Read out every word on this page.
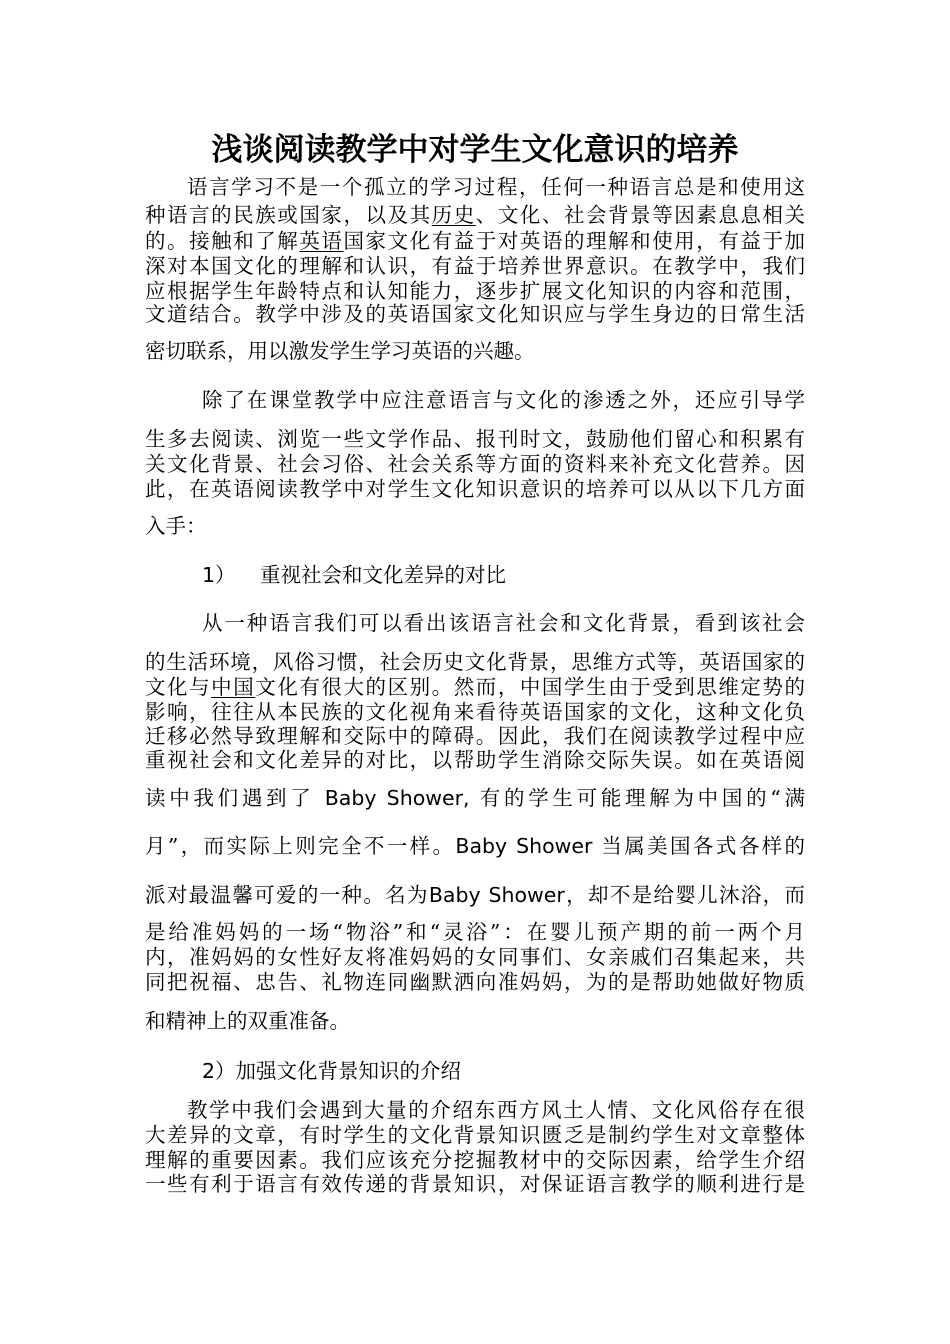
浅谈阅读教学中对学生文化意识的培养
语言学习不是一个孤立的学习过程，任何一种语言总是和使用这
种语言的民族或国家，以及其历史、文化、社会背景等因素息息相关
的。接触和了解英语国家文化有益于对英语的理解和使用，有益于加
深对本国文化的理解和认识，有益于培养世界意识。在教学中，我们
应根据学生年龄特点和认知能力，逐步扩展文化知识的内容和范围，
文道结合。教学中涉及的英语国家文化知识应与学生身边的日常生活
密切联系，用以激发学生学习英语的兴趣。
除了在课堂教学中应注意语言与文化的渗透之外，还应引导学
生多去阅读、浏览一些文学作品、报刊时文，鼓励他们留心和积累有
关文化背景、社会习俗、社会关系等方面的资料来补充文化营养。因
此，在英语阅读教学中对学生文化知识意识的培养可以从以下几方面
入手：
1） 重视社会和文化差异的对比
从一种语言我们可以看出该语言社会和文化背景，看到该社会
的生活环境，风俗习惯，社会历史文化背景，思维方式等，英语国家的
文化与中国文化有很大的区别。然而，中国学生由于受到思维定势的
影响，往往从本民族的文化视角来看待英语国家的文化，这种文化负
迁移必然导致理解和交际中的障碍。因此，我们在阅读教学过程中应
重视社会和文化差异的对比，以帮助学生消除交际失误。如在英语阅
读中我们遇到了 Baby Shower, 有的学生可能理解为中国的“满
月”，而实际上则完全不一样。Baby Shower 当属美国各式各样的
派对最温馨可爱的一种。名为Baby Shower，却不是给婴儿沐浴，而
是给准妈妈的一场“物浴”和“灵浴”：在婴儿预产期的前一两个月
内，准妈妈的女性好友将准妈妈的女同事们、女亲戚们召集起来，共
同把祝福、忠告、礼物连同幽默洒向准妈妈，为的是帮助她做好物质
和精神上的双重准备。
2）加强文化背景知识的介绍
教学中我们会遇到大量的介绍东西方风土人情、文化风俗存在很
大差异的文章，有时学生的文化背景知识匮乏是制约学生对文章整体
理解的重要因素。我们应该充分挖掘教材中的交际因素，给学生介绍
一些有利于语言有效传递的背景知识，对保证语言教学的顺利进行是
